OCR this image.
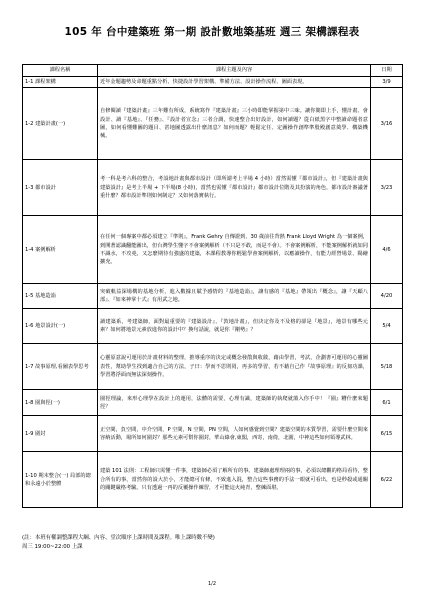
105 年 台中建築班 第一期 設計數地築基班 週三 架構課程表
課程名稱	課程主題及內容	日期
1-1 課程架構	近年金題趨勢及命題重點分析、快捷設計學習架構、準備方法、設計操作流程、圖面表現。	3/9
1-2 建築計畫(一)	自修閱讀『建築計畫』三年難有所成，系統寫作『建築計畫』三小時即能掌握第中三味。讓你簡即上手，懂計畫、會設計、讀『基地』、『任務』、『設計者宣念』三者合調，快速整合出好設計，如何讀題？從白紙黑字中整讀命題者意圖，如何看懂難圖的題目、甚地圖透露出什麼訊息？如何而題？輕鬆定任、定圖操作創準準殷殿創意奠學、構築機械。	3/16
1-3 都市設計	考一科是考六科的整合，考設地計畫與都市設計（即所謂考上半場 4 小時）當然需懂『都市設計』，但『建築計畫與建築設計』是考上半場 + 下半場(8 小時)，當然也需懂『都市設計』都市設計位階及其扮演的角色，都市設計審議著重什麼？都市設計準則如何制定？又如何落實執行。	3/23
1-4 案例解析	在任何一個專案中都必須建立『準則』，Frank Gehry 自傳證到、30 歲前往背熱 Frank Lloyd Wright 為一個案例，到開著認識翻能圖出，但台灣學生懂字不會案例解析（不只是不敢，而是不會）。不會案例解析，不能案例解析就如同不識水，不攻堯，又怎麼期待有強盛的建築，本課程教導你輕鬆學會案例解析，以應讀操作，有能力經營場景、陽繪擴充。	4/6
1-5 基地造詣	突破軌益深場構的基地分析，進入數據且賦予感情的『基地造詣』，讓有感的『基地』帶領出『概念』，讓『天顧八部』、『如來神掌十式』有用武之地。	4/20
1-6 地景設計(一)	讀建築系，考建築師，面對最重要的『建築設計』、『敦地計畫』，但決定你及不及格的卻是『地景』，地景有哪些元素？如何將地景元素放進你的設計中？換句話說，就是你『剛勢』？	5/4
1-7 故事原理,看圖表學思考	心靈原意說可運用於計畫材料的整理，推導重序的決定或概念發散與收斂，藉由學習，考試，企劃書可運用的心靈圖表性，幫助學生找到適合自己的方法，子曰：學而不思則罔，再多的學習，若不藉自己作『故事原理』的反芻功課，學習將浮面而無法深刻操作。	5/18
1-8 園與徑(一)	園徑理論，來形心理學在設計上的運用，法體的需要，心理有識，建築師的執爬就蕩入你手中！『園』糟什麼來題徑？	6/1
1-9 圍封	正空間，負空間，中介空間，P 空間，N 空間，PN 空間，人如何感覺到空間？建築空間的本質學習，需要什麼空間來容納活動，場所如何圍封？那些元素可幫你圍封，華山綠會,東閣，西寄，南倚，北圍，中神這些如何領導武林。	6/15
1-10 期末整合(一) 局部的總和永遠小於整體	建築 101 法則：工程師只需懂一件事，建築師必須了解所有的事。建築師處理理兩的事，必須以總觀的格局看待，整合所有的事，當然你的設大於小，才能總可有條，不致進入混，整合這些事務的手法一眼就可看出，也是秒殺或通關的關鍵嚴格考驗。只有透過一再的反覆操作練習，才可能這火純青，整練面堪。	6/22
(註：本班有權調整課程大綱、內容、堂次順序上課時間及課程。唯上課時數不變)
周三 19:00~22:00 上課
1/2
